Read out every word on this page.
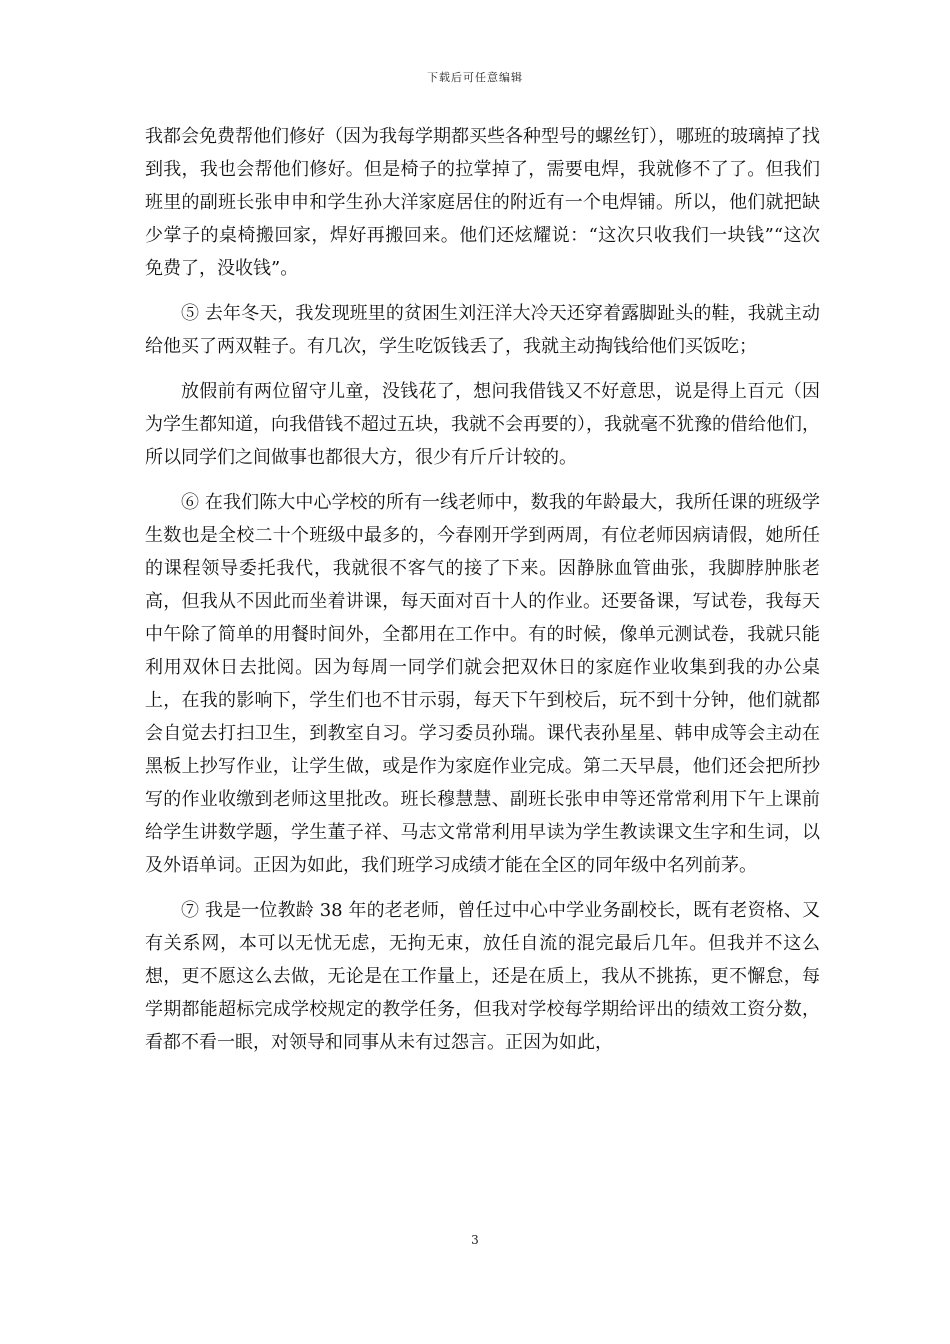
下载后可任意编辑

我都会免费帮他们修好（因为我每学期都买些各种型号的螺丝钉），哪班的玻璃掉了找到我，我也会帮他们修好。但是椅子的拉掌掉了，需要电焊，我就修不了了。但我们班里的副班长张申申和学生孙大洋家庭居住的附近有一个电焊铺。所以，他们就把缺少掌子的桌椅搬回家，焊好再搬回来。他们还炫耀说：“这次只收我们一块钱”“这次免费了，没收钱”。

⑤ 去年冬天，我发现班里的贫困生刘汪洋大冷天还穿着露脚趾头的鞋，我就主动给他买了两双鞋子。有几次，学生吃饭钱丢了，我就主动掏钱给他们买饭吃；

放假前有两位留守儿童，没钱花了，想问我借钱又不好意思，说是得上百元（因为学生都知道，向我借钱不超过五块，我就不会再要的），我就毫不犹豫的借给他们，所以同学们之间做事也都很大方，很少有斤斤计较的。

⑥ 在我们陈大中心学校的所有一线老师中，数我的年龄最大，我所任课的班级学生数也是全校二十个班级中最多的，今春刚开学到两周，有位老师因病请假，她所任的课程领导委托我代，我就很不客气的接了下来。因静脉血管曲张，我脚脖肿胀老高，但我从不因此而坐着讲课，每天面对百十人的作业。还要备课，写试卷，我每天中午除了简单的用餐时间外，全都用在工作中。有的时候，像单元测试卷，我就只能利用双休日去批阅。因为每周一同学们就会把双休日的家庭作业收集到我的办公桌上，在我的影响下，学生们也不甘示弱，每天下午到校后，玩不到十分钟，他们就都会自觉去打扫卫生，到教室自习。学习委员孙瑞。课代表孙星星、韩申成等会主动在黑板上抄写作业，让学生做，或是作为家庭作业完成。第二天早晨，他们还会把所抄写的作业收缴到老师这里批改。班长穆慧慧、副班长张申申等还常常利用下午上课前给学生讲数学题，学生董子祥、马志文常常利用早读为学生教读课文生字和生词，以及外语单词。正因为如此，我们班学习成绩才能在全区的同年级中名列前茅。

⑦ 我是一位教龄 38 年的老老师，曾任过中心中学业务副校长，既有老资格、又有关系网，本可以无忧无虑，无拘无束，放任自流的混完最后几年。但我并不这么想，更不愿这么去做，无论是在工作量上，还是在质上，我从不挑拣，更不懈怠，每学期都能超标完成学校规定的教学任务，但我对学校每学期给评出的绩效工资分数，看都不看一眼，对领导和同事从未有过怨言。正因为如此，

3
